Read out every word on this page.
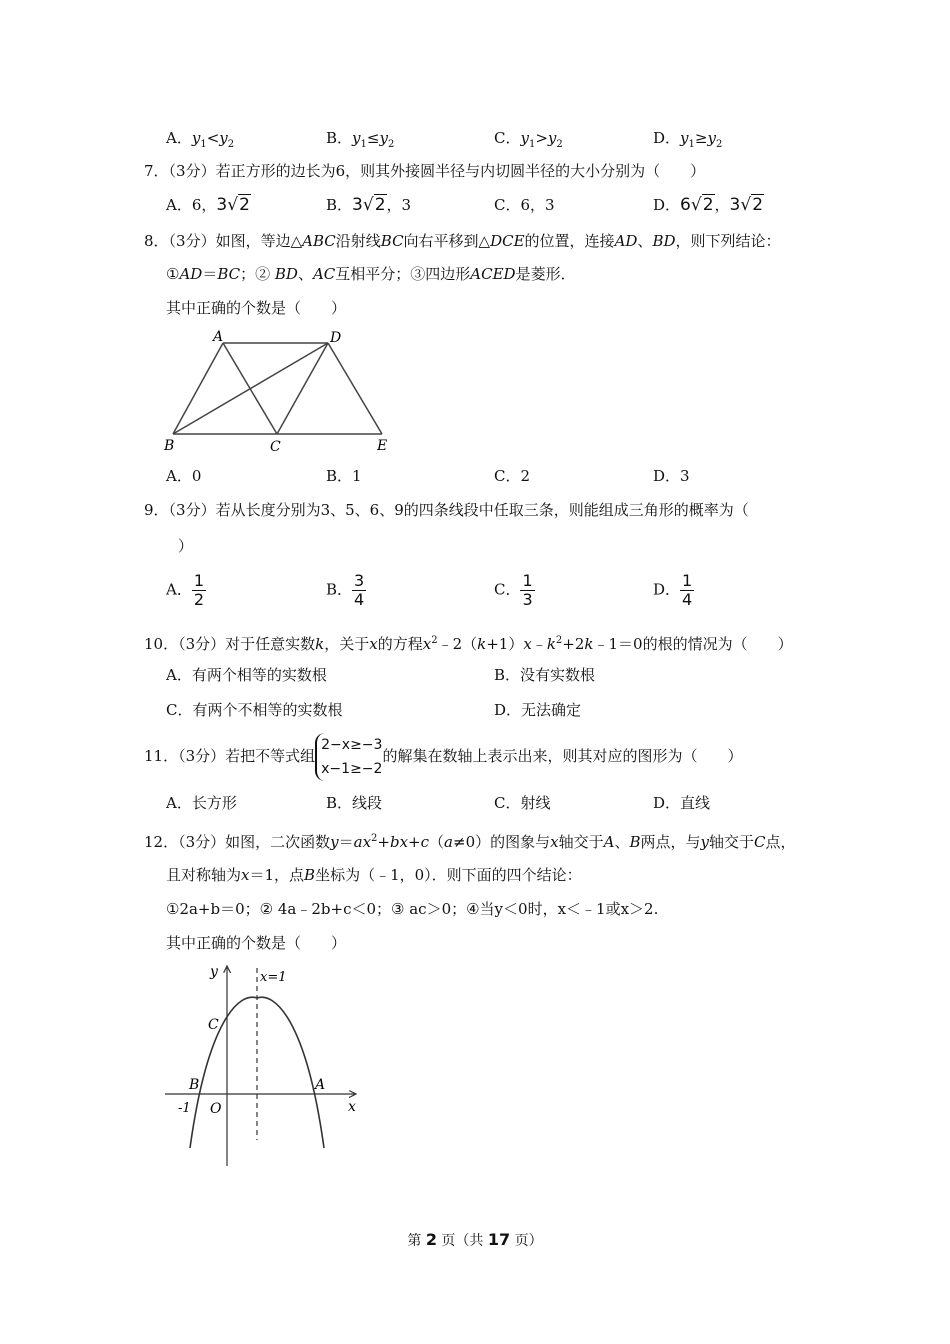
A．$y_1<y_2$	B．$y_1\le y_2$	C．$y_1>y_2$	D．$y_1\ge y_2$
7．（3分）若正方形的边长为6，则其外接圆半径与内切圆半径的大小分别为（　　）
A．6，3√2	B．3√2，3	C．6，3	D．6√2，3√2
8．（3分）如图，等边△ABC沿射线BC向右平移到△DCE的位置，连接AD、BD，则下列结论：
①AD＝BC；② BD、AC互相平分；③四边形ACED是菱形．
其中正确的个数是（　　）
A	D
B	C	E
A．0	B．1	C．2	D．3
9．（3分）若从长度分别为3、5、6、9的四条线段中任取三条，则能组成三角形的概率为（
）
A． $\frac{1}{2}$	B． $\frac{3}{4}$	C． $\frac{1}{3}$	D． $\frac{1}{4}$
10．（3分）对于任意实数k，关于x的方程$x^2﹣2(k+1)x﹣k^2+2k﹣1=0$的根的情况为（　　）
A．有两个相等的实数根	B．没有实数根
C．有两个不相等的实数根	D．无法确定
11．（3分）若把不等式组
2−x≥−3
x−1≥−2
的解集在数轴上表示出来，则其对应的图形为（　　）
A．长方形	B．线段	C．射线	D．直线
12．（3分）如图，二次函数$y=ax^2+bx+c(a\ne 0)$的图象与x轴交于A、B两点，与y轴交于C点，
且对称轴为x＝1，点B坐标为（﹣1，0）．则下面的四个结论：
①2a+b＝0；② 4a﹣2b+c＜0；③ ac＞0；④当y＜0时，x＜﹣1或x＞2.
其中正确的个数是（　　）
y	x=1
C
B	A
-1 O	x
第 2 页（共 17 页）
